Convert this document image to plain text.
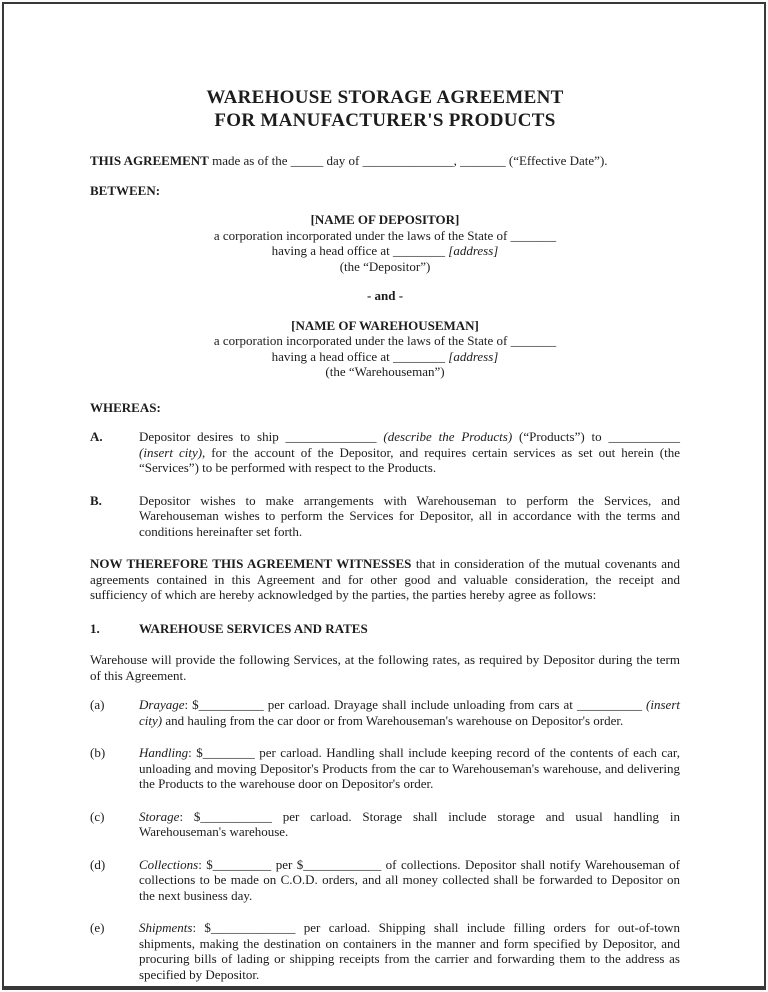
WAREHOUSE STORAGE AGREEMENT
FOR MANUFACTURER'S PRODUCTS

THIS AGREEMENT made as of the _____ day of ______________, _______ (“Effective Date”).

BETWEEN:

[NAME OF DEPOSITOR]
a corporation incorporated under the laws of the State of _______
having a head office at ________ [address]
(the “Depositor”)
- and -
[NAME OF WAREHOUSEMAN]
a corporation incorporated under the laws of the State of _______
having a head office at ________ [address]
(the “Warehouseman”)

WHEREAS:

A.	Depositor desires to ship ______________ (describe the Products) (“Products”) to ___________ (insert city), for the account of the Depositor, and requires certain services as set out herein (the “Services”) to be performed with respect to the Products.
B.	Depositor wishes to make arrangements with Warehouseman to perform the Services, and Warehouseman wishes to perform the Services for Depositor, all in accordance with the terms and conditions hereinafter set forth.

NOW THEREFORE THIS AGREEMENT WITNESSES that in consideration of the mutual covenants and agreements contained in this Agreement and for other good and valuable consideration, the receipt and sufficiency of which are hereby acknowledged by the parties, the parties hereby agree as follows:

1.	WAREHOUSE SERVICES AND RATES

Warehouse will provide the following Services, at the following rates, as required by Depositor during the term of this Agreement.

(a)	Drayage: $__________ per carload. Drayage shall include unloading from cars at __________ (insert city) and hauling from the car door or from Warehouseman's warehouse on Depositor's order.
(b)	Handling: $________ per carload. Handling shall include keeping record of the contents of each car, unloading and moving Depositor's Products from the car to Warehouseman's warehouse, and delivering the Products to the warehouse door on Depositor's order.
(c)	Storage: $___________ per carload. Storage shall include storage and usual handling in Warehouseman's warehouse.
(d)	Collections: $_________ per $____________ of collections. Depositor shall notify Warehouseman of collections to be made on C.O.D. orders, and all money collected shall be forwarded to Depositor on the next business day.
(e)	Shipments: $_____________ per carload. Shipping shall include filling orders for out-of-town shipments, making the destination on containers in the manner and form specified by Depositor, and procuring bills of lading or shipping receipts from the carrier and forwarding them to the address as specified by Depositor.
